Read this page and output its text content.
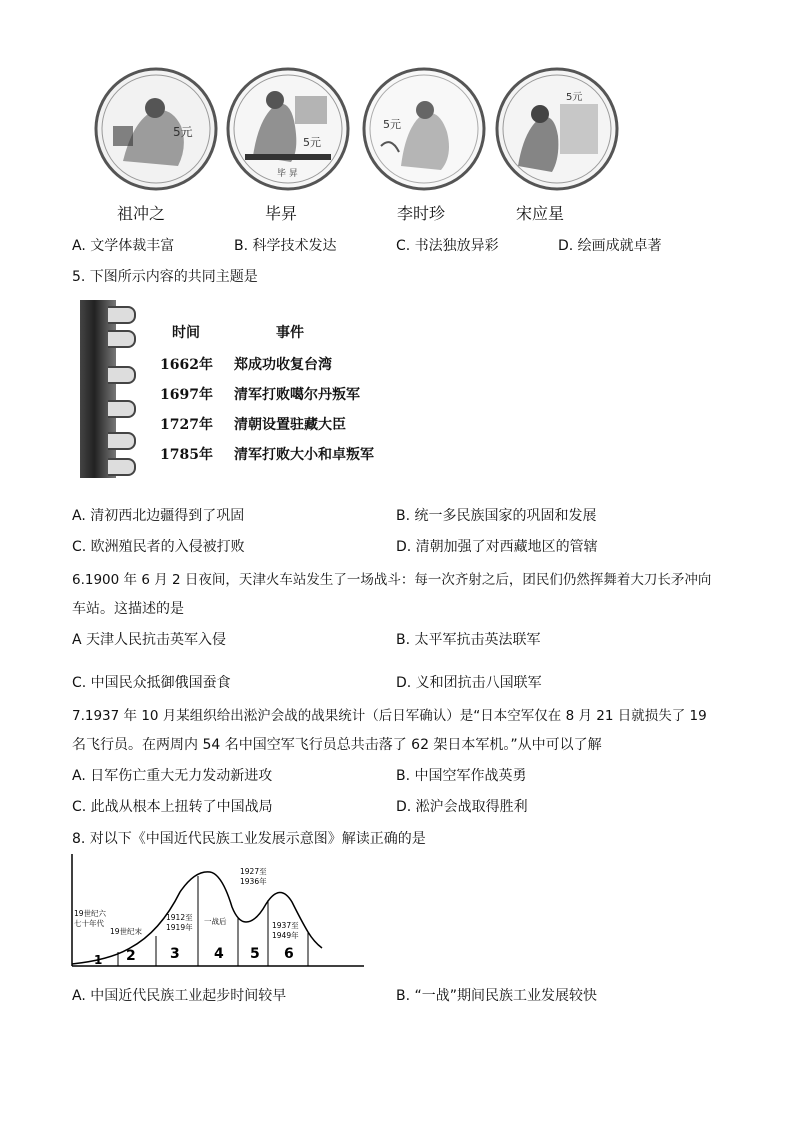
5元
5元
毕 昇
5元
5元
祖冲之	毕昇	李时珍	宋应星
A. 文学体裁丰富	B. 科学技术发达	C. 书法独放异彩	D. 绘画成就卓著
5. 下图所示内容的共同主题是
时间	事件
1662年 郑成功收复台湾
1697年 清军打败噶尔丹叛军
1727年 清朝设置驻藏大臣
1785年 清军打败大小和卓叛军
A. 清初西北边疆得到了巩固	B. 统一多民族国家的巩固和发展
C. 欧洲殖民者的入侵被打败	D. 清朝加强了对西藏地区的管辖
6.1900 年 6 月 2 日夜间，天津火车站发生了一场战斗：每一次齐射之后，团民们仍然挥舞着大刀长矛冲向
车站。这描述的是
A 天津人民抗击英军入侵	B. 太平军抗击英法联军
C. 中国民众抵御俄国蚕食	D. 义和团抗击八国联军
7.1937 年 10 月某组织给出淞沪会战的战果统计（后日军确认）是“日本空军仅在 8 月 21 日就损失了 19
名飞行员。在两周内 54 名中国空军飞行员总共击落了 62 架日本军机。”从中可以了解
A. 日军伤亡重大无力发动新进攻	B. 中国空军作战英勇
C. 此战从根本上扭转了中国战局	D. 淞沪会战取得胜利
8. 对以下《中国近代民族工业发展示意图》解读正确的是
1 2 3 4 5 6
19世纪六
七十年代
19世纪末
1912至
1919年
一战后
1927至
1936年
1937至
1949年
A. 中国近代民族工业起步时间较早	B. “一战”期间民族工业发展较快
